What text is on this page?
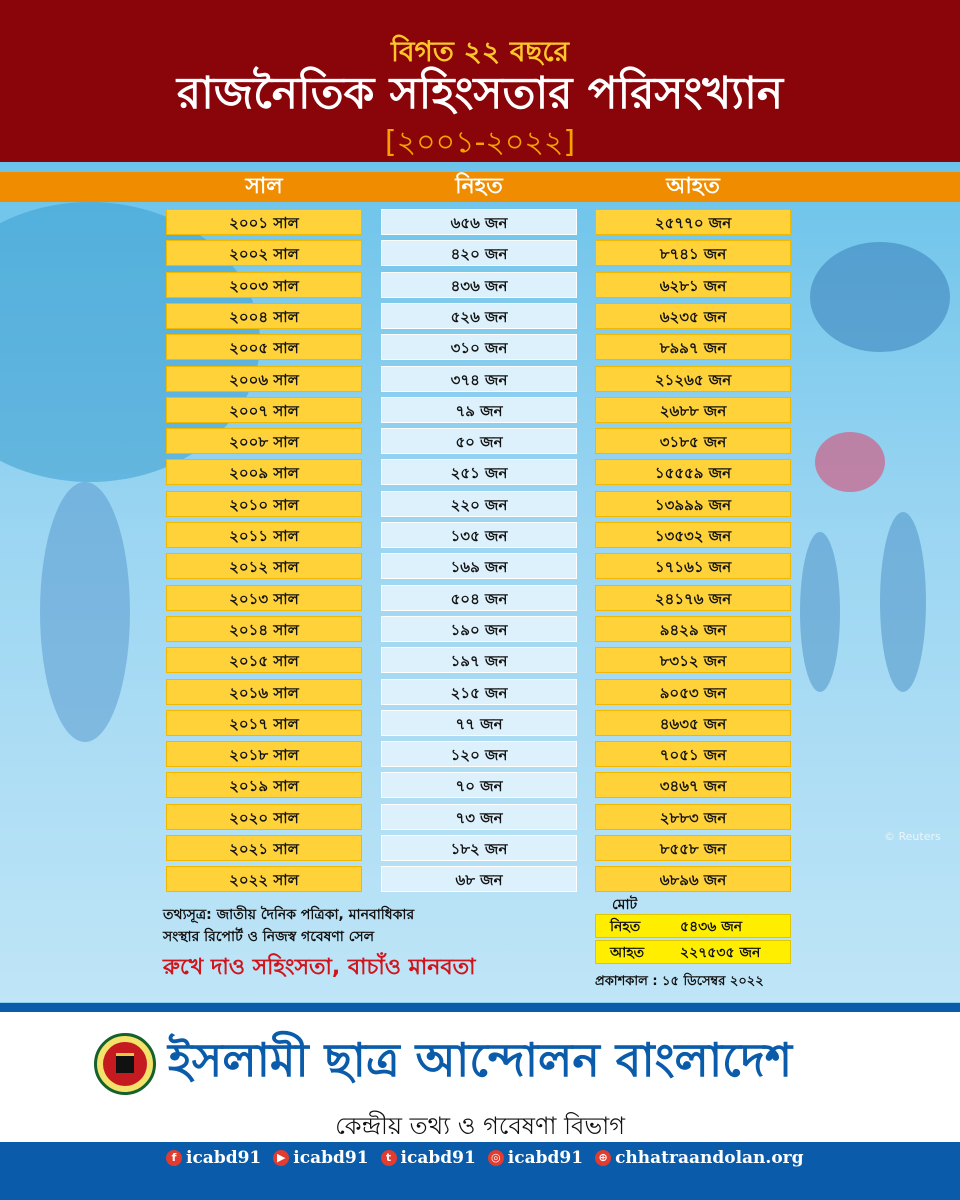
বিগত ২২ বছরে
রাজনৈতিক সহিংসতার পরিসংখ্যান
[২০০১-২০২২]
© Reuters
সাল	নিহত	আহত
২০০১ সাল	৬৫৬ জন	২৫৭৭০ জন
২০০২ সাল	৪২০ জন	৮৭৪১ জন
২০০৩ সাল	৪৩৬ জন	৬২৮১ জন
২০০৪ সাল	৫২৬ জন	৬২৩৫ জন
২০০৫ সাল	৩১০ জন	৮৯৯৭ জন
২০০৬ সাল	৩৭৪ জন	২১২৬৫ জন
২০০৭ সাল	৭৯ জন	২৬৮৮ জন
২০০৮ সাল	৫০ জন	৩১৮৫ জন
২০০৯ সাল	২৫১ জন	১৫৫৫৯ জন
২০১০ সাল	২২০ জন	১৩৯৯৯ জন
২০১১ সাল	১৩৫ জন	১৩৫৩২ জন
২০১২ সাল	১৬৯ জন	১৭১৬১ জন
২০১৩ সাল	৫০৪ জন	২৪১৭৬ জন
২০১৪ সাল	১৯০ জন	৯৪২৯ জন
২০১৫ সাল	১৯৭ জন	৮৩১২ জন
২০১৬ সাল	২১৫ জন	৯০৫৩ জন
২০১৭ সাল	৭৭ জন	৪৬৩৫ জন
২০১৮ সাল	১২০ জন	৭০৫১ জন
২০১৯ সাল	৭০ জন	৩৪৬৭ জন
২০২০ সাল	৭৩ জন	২৮৮৩ জন
২০২১ সাল	১৮২ জন	৮৫৫৮ জন
২০২২ সাল	৬৮ জন	৬৮৯৬ জন
তথ্যসূত্র: জাতীয় দৈনিক পত্রিকা, মানবাধিকার
সংস্থার রিপোর্ট ও নিজস্ব গবেষণা সেল
রুখে দাও সহিংসতা, বাচাঁও মানবতা
মোট
নিহত	৫৪৩৬ জন
আহত	২২৭৫৩৫ জন
প্রকাশকাল : ১৫ ডিসেম্বর ২০২২
ইসলামী ছাত্র আন্দোলন বাংলাদেশ
কেন্দ্রীয় তথ্য ও গবেষণা বিভাগ
f icabd91	▶ icabd91	t icabd91 ◎ icabd91	⊕ chhatraandolan.org
